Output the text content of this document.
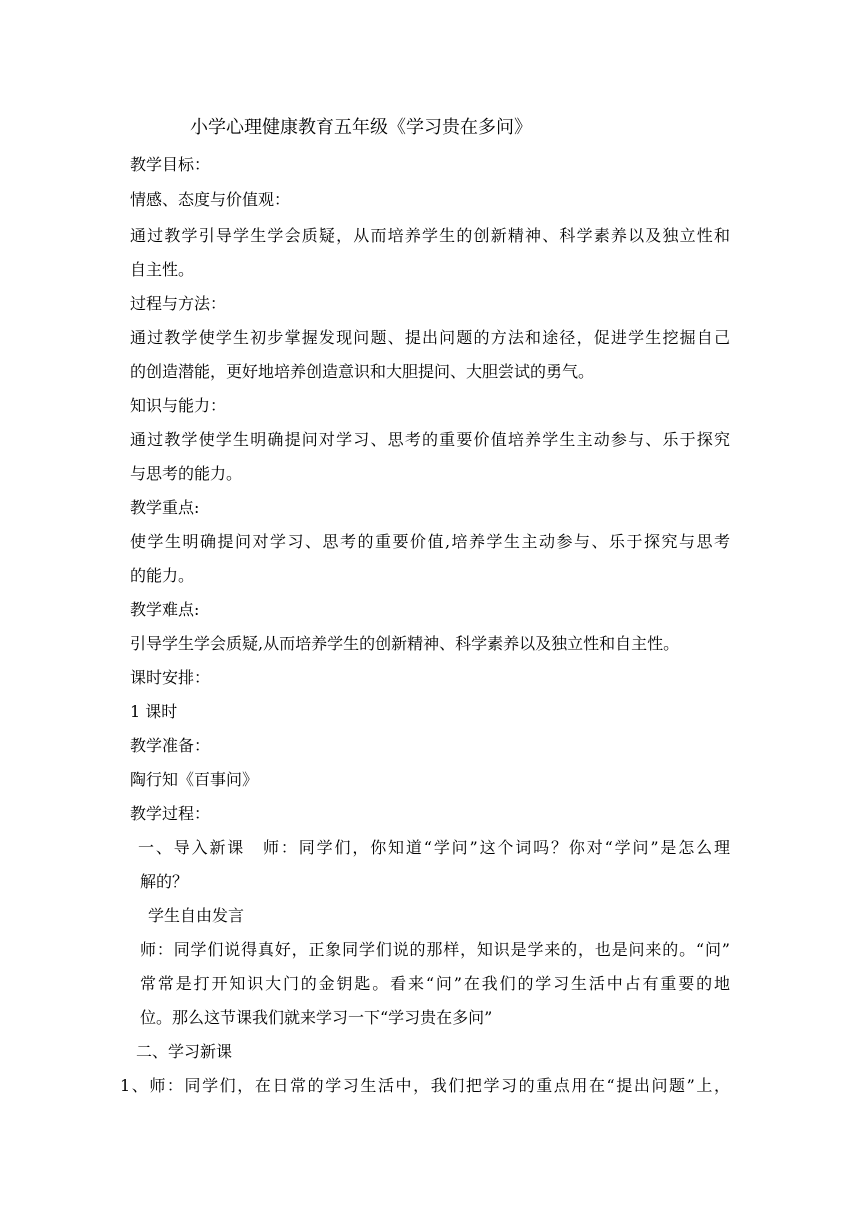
小学心理健康教育五年级《学习贵在多问》
教学目标：
情感、态度与价值观：
通过教学引导学生学会质疑，从而培养学生的创新精神、科学素养以及独立性和
自主性。
过程与方法：
通过教学使学生初步掌握发现问题、提出问题的方法和途径，促进学生挖掘自己
的创造潜能，更好地培养创造意识和大胆提问、大胆尝试的勇气。
知识与能力：
通过教学使学生明确提问对学习、思考的重要价值培养学生主动参与、乐于探究
与思考的能力。
教学重点:
使学生明确提问对学习、思考的重要价值,培养学生主动参与、乐于探究与思考
的能力。
教学难点:
引导学生学会质疑,从而培养学生的创新精神、科学素养以及独立性和自主性。
课时安排：
1 课时
教学准备：
陶行知《百事问》
教学过程：
一、导入新课　师：同学们，你知道“学问”这个词吗？你对“学问”是怎么理
解的？
学生自由发言
师：同学们说得真好，正象同学们说的那样，知识是学来的，也是问来的。“问”
常常是打开知识大门的金钥匙。看来“问”在我们的学习生活中占有重要的地
位。那么这节课我们就来学习一下“学习贵在多问”
二、学习新课
1、师：同学们，在日常的学习生活中，我们把学习的重点用在“提出问题”上，
